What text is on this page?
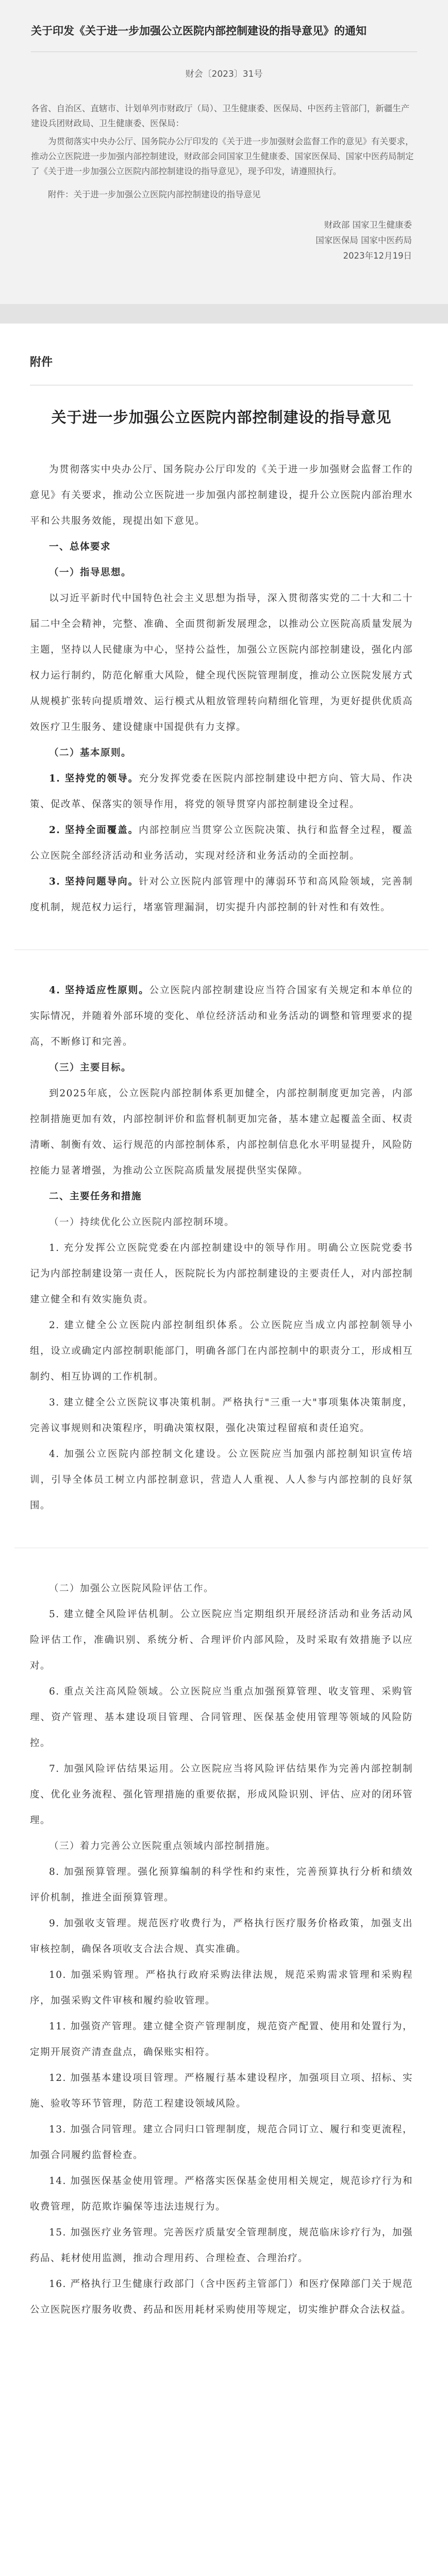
关于印发《关于进一步加强公立医院内部控制建设的指导意见》的通知
财会〔2023〕31号

各省、自治区、直辖市、计划单列市财政厅（局）、卫生健康委、医保局、中医药主管部门，新疆生产建设兵团财政局、卫生健康委、医保局：

为贯彻落实中央办公厅、国务院办公厅印发的《关于进一步加强财会监督工作的意见》有关要求，推动公立医院进一步加强内部控制建设，财政部会同国家卫生健康委、国家医保局、国家中医药局制定了《关于进一步加强公立医院内部控制建设的指导意见》，现予印发，请遵照执行。

附件：关于进一步加强公立医院内部控制建设的指导意见

财政部 国家卫生健康委
国家医保局 国家中医药局
2023年12月19日
附件
关于进一步加强公立医院内部控制建设的指导意见

为贯彻落实中央办公厅、国务院办公厅印发的《关于进一步加强财会监督工作的意见》有关要求，推动公立医院进一步加强内部控制建设，提升公立医院内部治理水平和公共服务效能，现提出如下意见。

一、总体要求

（一）指导思想。

以习近平新时代中国特色社会主义思想为指导，深入贯彻落实党的二十大和二十届二中全会精神，完整、准确、全面贯彻新发展理念，以推动公立医院高质量发展为主题，坚持以人民健康为中心，坚持公益性，加强公立医院内部控制建设，强化内部权力运行制约，防范化解重大风险，健全现代医院管理制度，推动公立医院发展方式从规模扩张转向提质增效、运行模式从粗放管理转向精细化管理，为更好提供优质高效医疗卫生服务、建设健康中国提供有力支撑。

（二）基本原则。

1. 坚持党的领导。充分发挥党委在医院内部控制建设中把方向、管大局、作决策、促改革、保落实的领导作用，将党的领导贯穿内部控制建设全过程。

2. 坚持全面覆盖。内部控制应当贯穿公立医院决策、执行和监督全过程，覆盖公立医院全部经济活动和业务活动，实现对经济和业务活动的全面控制。

3. 坚持问题导向。针对公立医院内部管理中的薄弱环节和高风险领域，完善制度机制，规范权力运行，堵塞管理漏洞，切实提升内部控制的针对性和有效性。

4. 坚持适应性原则。公立医院内部控制建设应当符合国家有关规定和本单位的实际情况，并随着外部环境的变化、单位经济活动和业务活动的调整和管理要求的提高，不断修订和完善。

（三）主要目标。

到2025年底，公立医院内部控制体系更加健全，内部控制制度更加完善，内部控制措施更加有效，内部控制评价和监督机制更加完备，基本建立起覆盖全面、权责清晰、制衡有效、运行规范的内部控制体系，内部控制信息化水平明显提升，风险防控能力显著增强，为推动公立医院高质量发展提供坚实保障。

二、主要任务和措施

（一）持续优化公立医院内部控制环境。

1. 充分发挥公立医院党委在内部控制建设中的领导作用。明确公立医院党委书记为内部控制建设第一责任人，医院院长为内部控制建设的主要责任人，对内部控制建立健全和有效实施负责。

2. 建立健全公立医院内部控制组织体系。公立医院应当成立内部控制领导小组，设立或确定内部控制职能部门，明确各部门在内部控制中的职责分工，形成相互制约、相互协调的工作机制。

3. 建立健全公立医院议事决策机制。严格执行"三重一大"事项集体决策制度，完善议事规则和决策程序，明确决策权限，强化决策过程留痕和责任追究。

4. 加强公立医院内部控制文化建设。公立医院应当加强内部控制知识宣传培训，引导全体员工树立内部控制意识，营造人人重视、人人参与内部控制的良好氛围。

（二）加强公立医院风险评估工作。

5. 建立健全风险评估机制。公立医院应当定期组织开展经济活动和业务活动风险评估工作，准确识别、系统分析、合理评价内部风险，及时采取有效措施予以应对。

6. 重点关注高风险领域。公立医院应当重点加强预算管理、收支管理、采购管理、资产管理、基本建设项目管理、合同管理、医保基金使用管理等领域的风险防控。

7. 加强风险评估结果运用。公立医院应当将风险评估结果作为完善内部控制制度、优化业务流程、强化管理措施的重要依据，形成风险识别、评估、应对的闭环管理。

（三）着力完善公立医院重点领域内部控制措施。

8. 加强预算管理。强化预算编制的科学性和约束性，完善预算执行分析和绩效评价机制，推进全面预算管理。

9. 加强收支管理。规范医疗收费行为，严格执行医疗服务价格政策，加强支出审核控制，确保各项收支合法合规、真实准确。

10. 加强采购管理。严格执行政府采购法律法规，规范采购需求管理和采购程序，加强采购文件审核和履约验收管理。

11. 加强资产管理。建立健全资产管理制度，规范资产配置、使用和处置行为，定期开展资产清查盘点，确保账实相符。

12. 加强基本建设项目管理。严格履行基本建设程序，加强项目立项、招标、实施、验收等环节管理，防范工程建设领域风险。

13. 加强合同管理。建立合同归口管理制度，规范合同订立、履行和变更流程，加强合同履约监督检查。

14. 加强医保基金使用管理。严格落实医保基金使用相关规定，规范诊疗行为和收费管理，防范欺诈骗保等违法违规行为。

15. 加强医疗业务管理。完善医疗质量安全管理制度，规范临床诊疗行为，加强药品、耗材使用监测，推动合理用药、合理检查、合理治疗。

16. 严格执行卫生健康行政部门（含中医药主管部门）和医疗保障部门关于规范公立医院医疗服务收费、药品和医用耗材采购使用等规定，切实维护群众合法权益。
